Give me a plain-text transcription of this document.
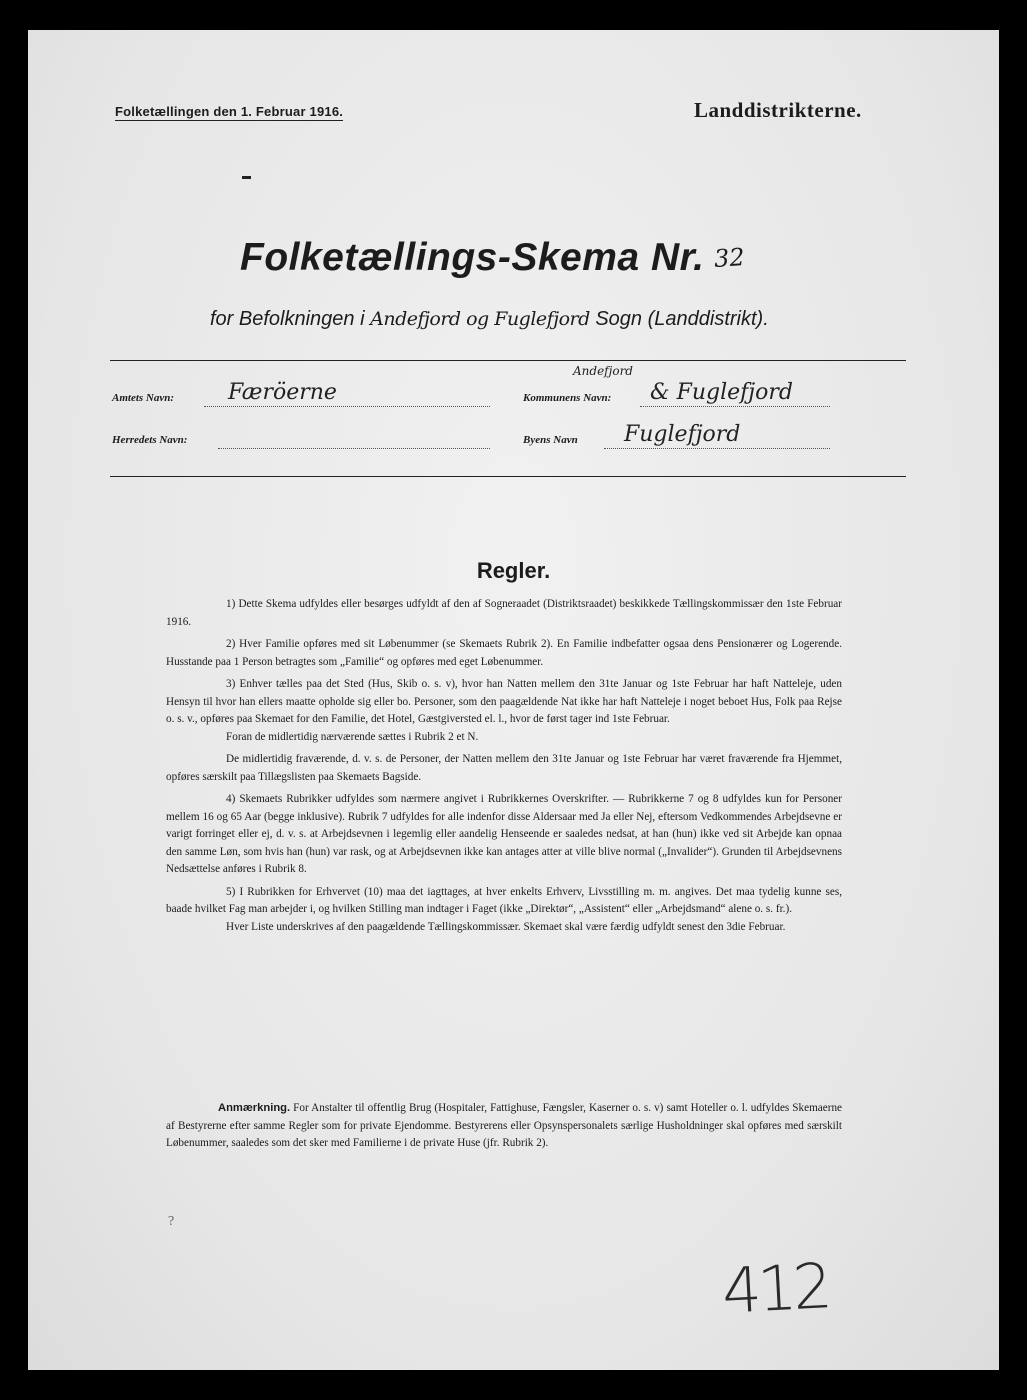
Folketællingen den 1. Februar 1916.	Landdistrikterne.
Folketællings-Skema Nr. 32
for Befolkningen i Andefjord og Fuglefjord Sogn (Landdistrikt).
Amtets Navn: Færöerne
Herredets Navn:
Kommunens Navn:
Andefjord
& Fuglefjord
Byens Navn Fuglefjord
Regler.

1) Dette Skema udfyldes eller besørges udfyldt af den af Sogneraadet (Distriktsraadet) beskikkede Tællingskommissær den 1ste Februar 1916.

2) Hver Familie opføres med sit Løbenummer (se Skemaets Rubrik 2). En Familie indbefatter ogsaa dens Pensionærer og Logerende. Husstande paa 1 Person betragtes som „Familie“ og opføres med eget Løbenummer.

3) Enhver tælles paa det Sted (Hus, Skib o. s. v), hvor han Natten mellem den 31te Januar og 1ste Februar har haft Natteleje, uden Hensyn til hvor han ellers maatte opholde sig eller bo. Personer, som den paagældende Nat ikke har haft Natteleje i noget beboet Hus, Folk paa Rejse o. s. v., opføres paa Skemaet for den Familie, det Hotel, Gæstgiversted el. l., hvor de først tager ind 1ste Februar.

Foran de midlertidig nærværende sættes i Rubrik 2 et N.

De midlertidig fraværende, d. v. s. de Personer, der Natten mellem den 31te Januar og 1ste Februar har været fraværende fra Hjemmet, opføres særskilt paa Tillægslisten paa Skemaets Bagside.

4) Skemaets Rubrikker udfyldes som nærmere angivet i Rubrikkernes Overskrifter. — Rubrikkerne 7 og 8 udfyldes kun for Personer mellem 16 og 65 Aar (begge inklusive). Rubrik 7 udfyldes for alle indenfor disse Aldersaar med Ja eller Nej, eftersom Vedkommendes Arbejdsevne er varigt forringet eller ej, d. v. s. at Arbejdsevnen i legemlig eller aandelig Henseende er saaledes nedsat, at han (hun) ikke ved sit Arbejde kan opnaa den samme Løn, som hvis han (hun) var rask, og at Arbejdsevnen ikke kan antages atter at ville blive normal („Invalider“). Grunden til Arbejdsevnens Nedsættelse anføres i Rubrik 8.

5) I Rubrikken for Erhvervet (10) maa det iagttages, at hver enkelts Erhverv, Livsstilling m. m. angives. Det maa tydelig kunne ses, baade hvilket Fag man arbejder i, og hvilken Stilling man indtager i Faget (ikke „Direktør“, „Assistent“ eller „Arbejdsmand“ alene o. s. fr.).

Hver Liste underskrives af den paagældende Tællingskommissær. Skemaet skal være færdig udfyldt senest den 3die Februar.

Anmærkning. For Anstalter til offentlig Brug (Hospitaler, Fattighuse, Fængsler, Kaserner o. s. v) samt Hoteller o. l. udfyldes Skemaerne af Bestyrerne efter samme Regler som for private Ejendomme. Bestyrerens eller Opsynspersonalets særlige Husholdninger skal opføres med særskilt Løbenummer, saaledes som det sker med Familierne i de private Huse (jfr. Rubrik 2).

?
412
